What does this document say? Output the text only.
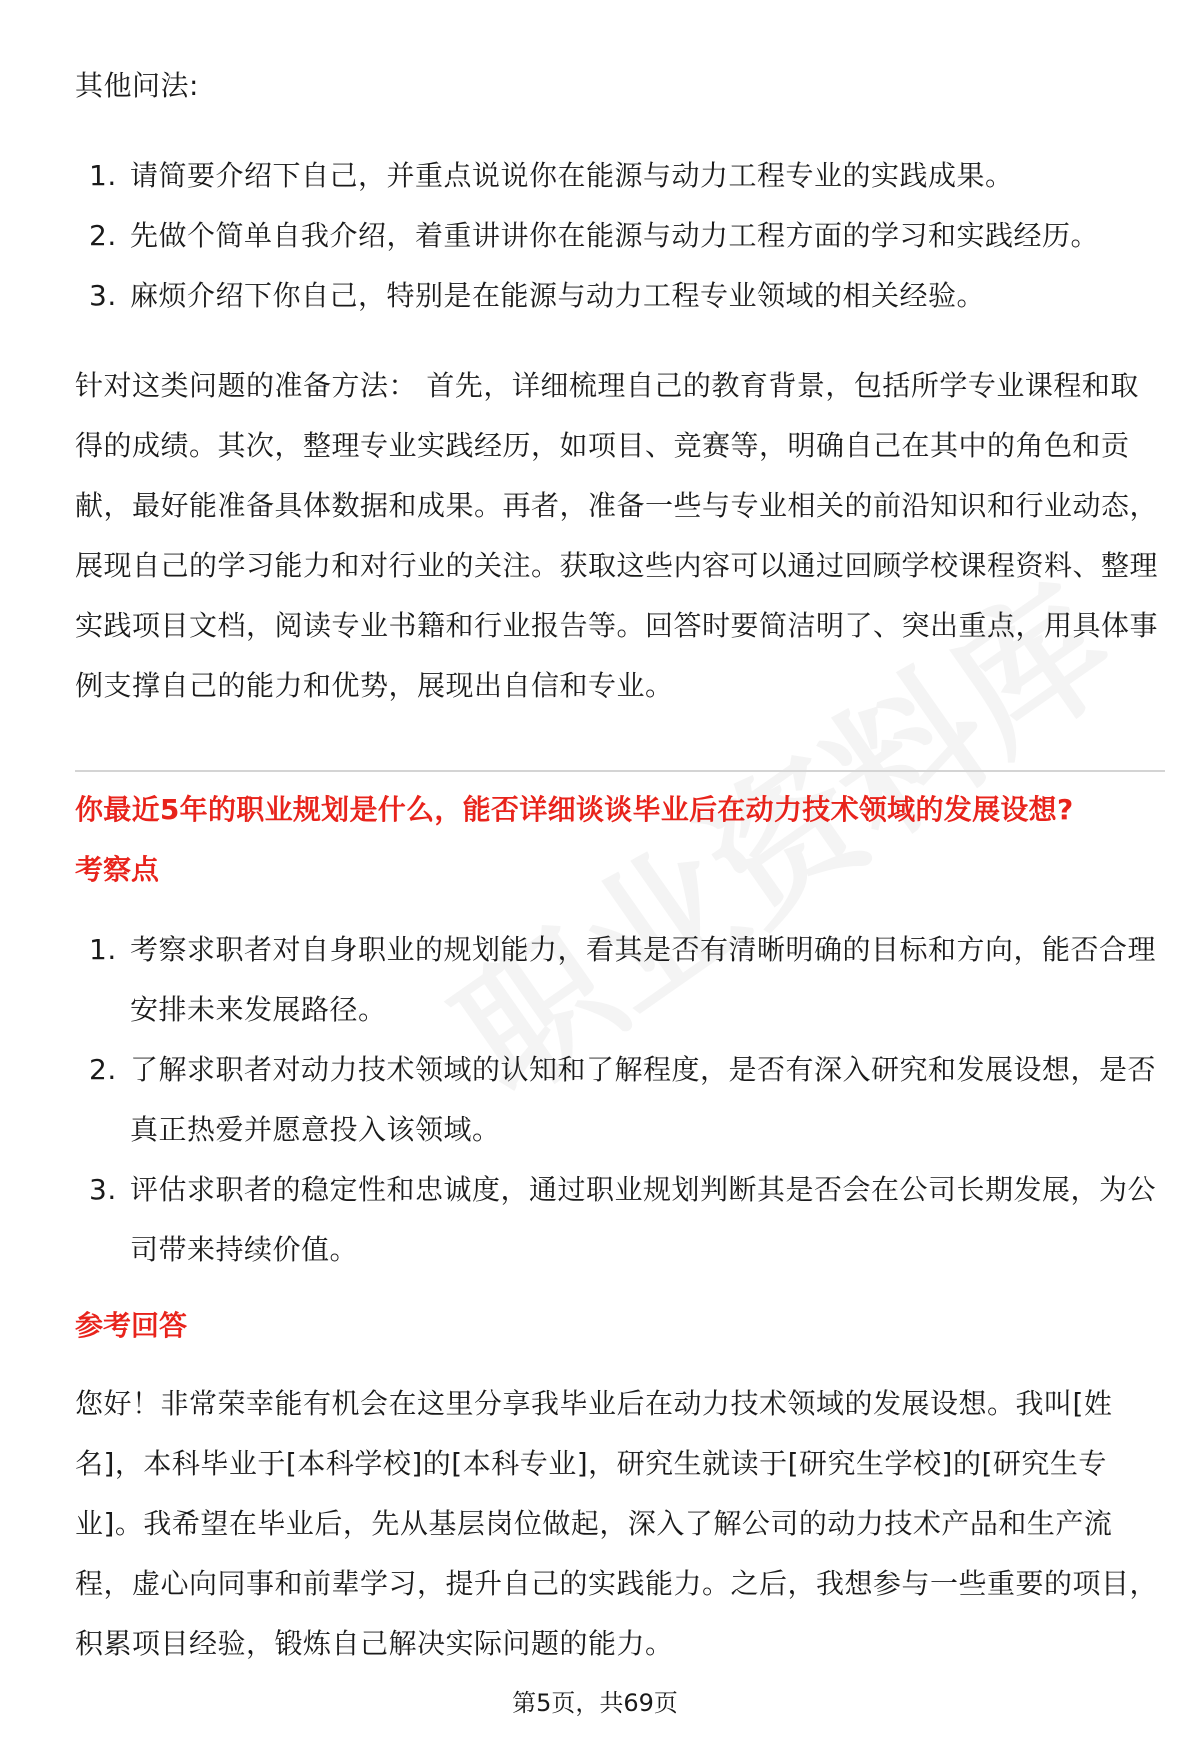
其他问法:

1. 请简要介绍下自己，并重点说说你在能源与动力工程专业的实践成果。
2. 先做个简单自我介绍，着重讲讲你在能源与动力工程方面的学习和实践经历。
3. 麻烦介绍下你自己，特别是在能源与动力工程专业领域的相关经验。

针对这类问题的准备方法： 首先，详细梳理自己的教育背景，包括所学专业课程和取得的成绩。其次，整理专业实践经历，如项目、竞赛等，明确自己在其中的角色和贡献，最好能准备具体数据和成果。再者，准备一些与专业相关的前沿知识和行业动态，展现自己的学习能力和对行业的关注。获取这些内容可以通过回顾学校课程资料、整理实践项目文档，阅读专业书籍和行业报告等。回答时要简洁明了、突出重点，用具体事例支撑自己的能力和优势，展现出自信和专业。

你最近5年的职业规划是什么，能否详细谈谈毕业后在动力技术领域的发展设想?
考察点
1. 考察求职者对自身职业的规划能力，看其是否有清晰明确的目标和方向，能否合理安排未来发展路径。
2. 了解求职者对动力技术领域的认知和了解程度，是否有深入研究和发展设想，是否真正热爱并愿意投入该领域。
3. 评估求职者的稳定性和忠诚度，通过职业规划判断其是否会在公司长期发展，为公司带来持续价值。
参考回答

您好！非常荣幸能有机会在这里分享我毕业后在动力技术领域的发展设想。我叫[姓名]，本科毕业于[本科学校]的[本科专业]，研究生就读于[研究生学校]的[研究生专业]。我希望在毕业后，先从基层岗位做起，深入了解公司的动力技术产品和生产流程，虚心向同事和前辈学习，提升自己的实践能力。之后，我想参与一些重要的项目，积累项目经验，锻炼自己解决实际问题的能力。

第5页，共69页
